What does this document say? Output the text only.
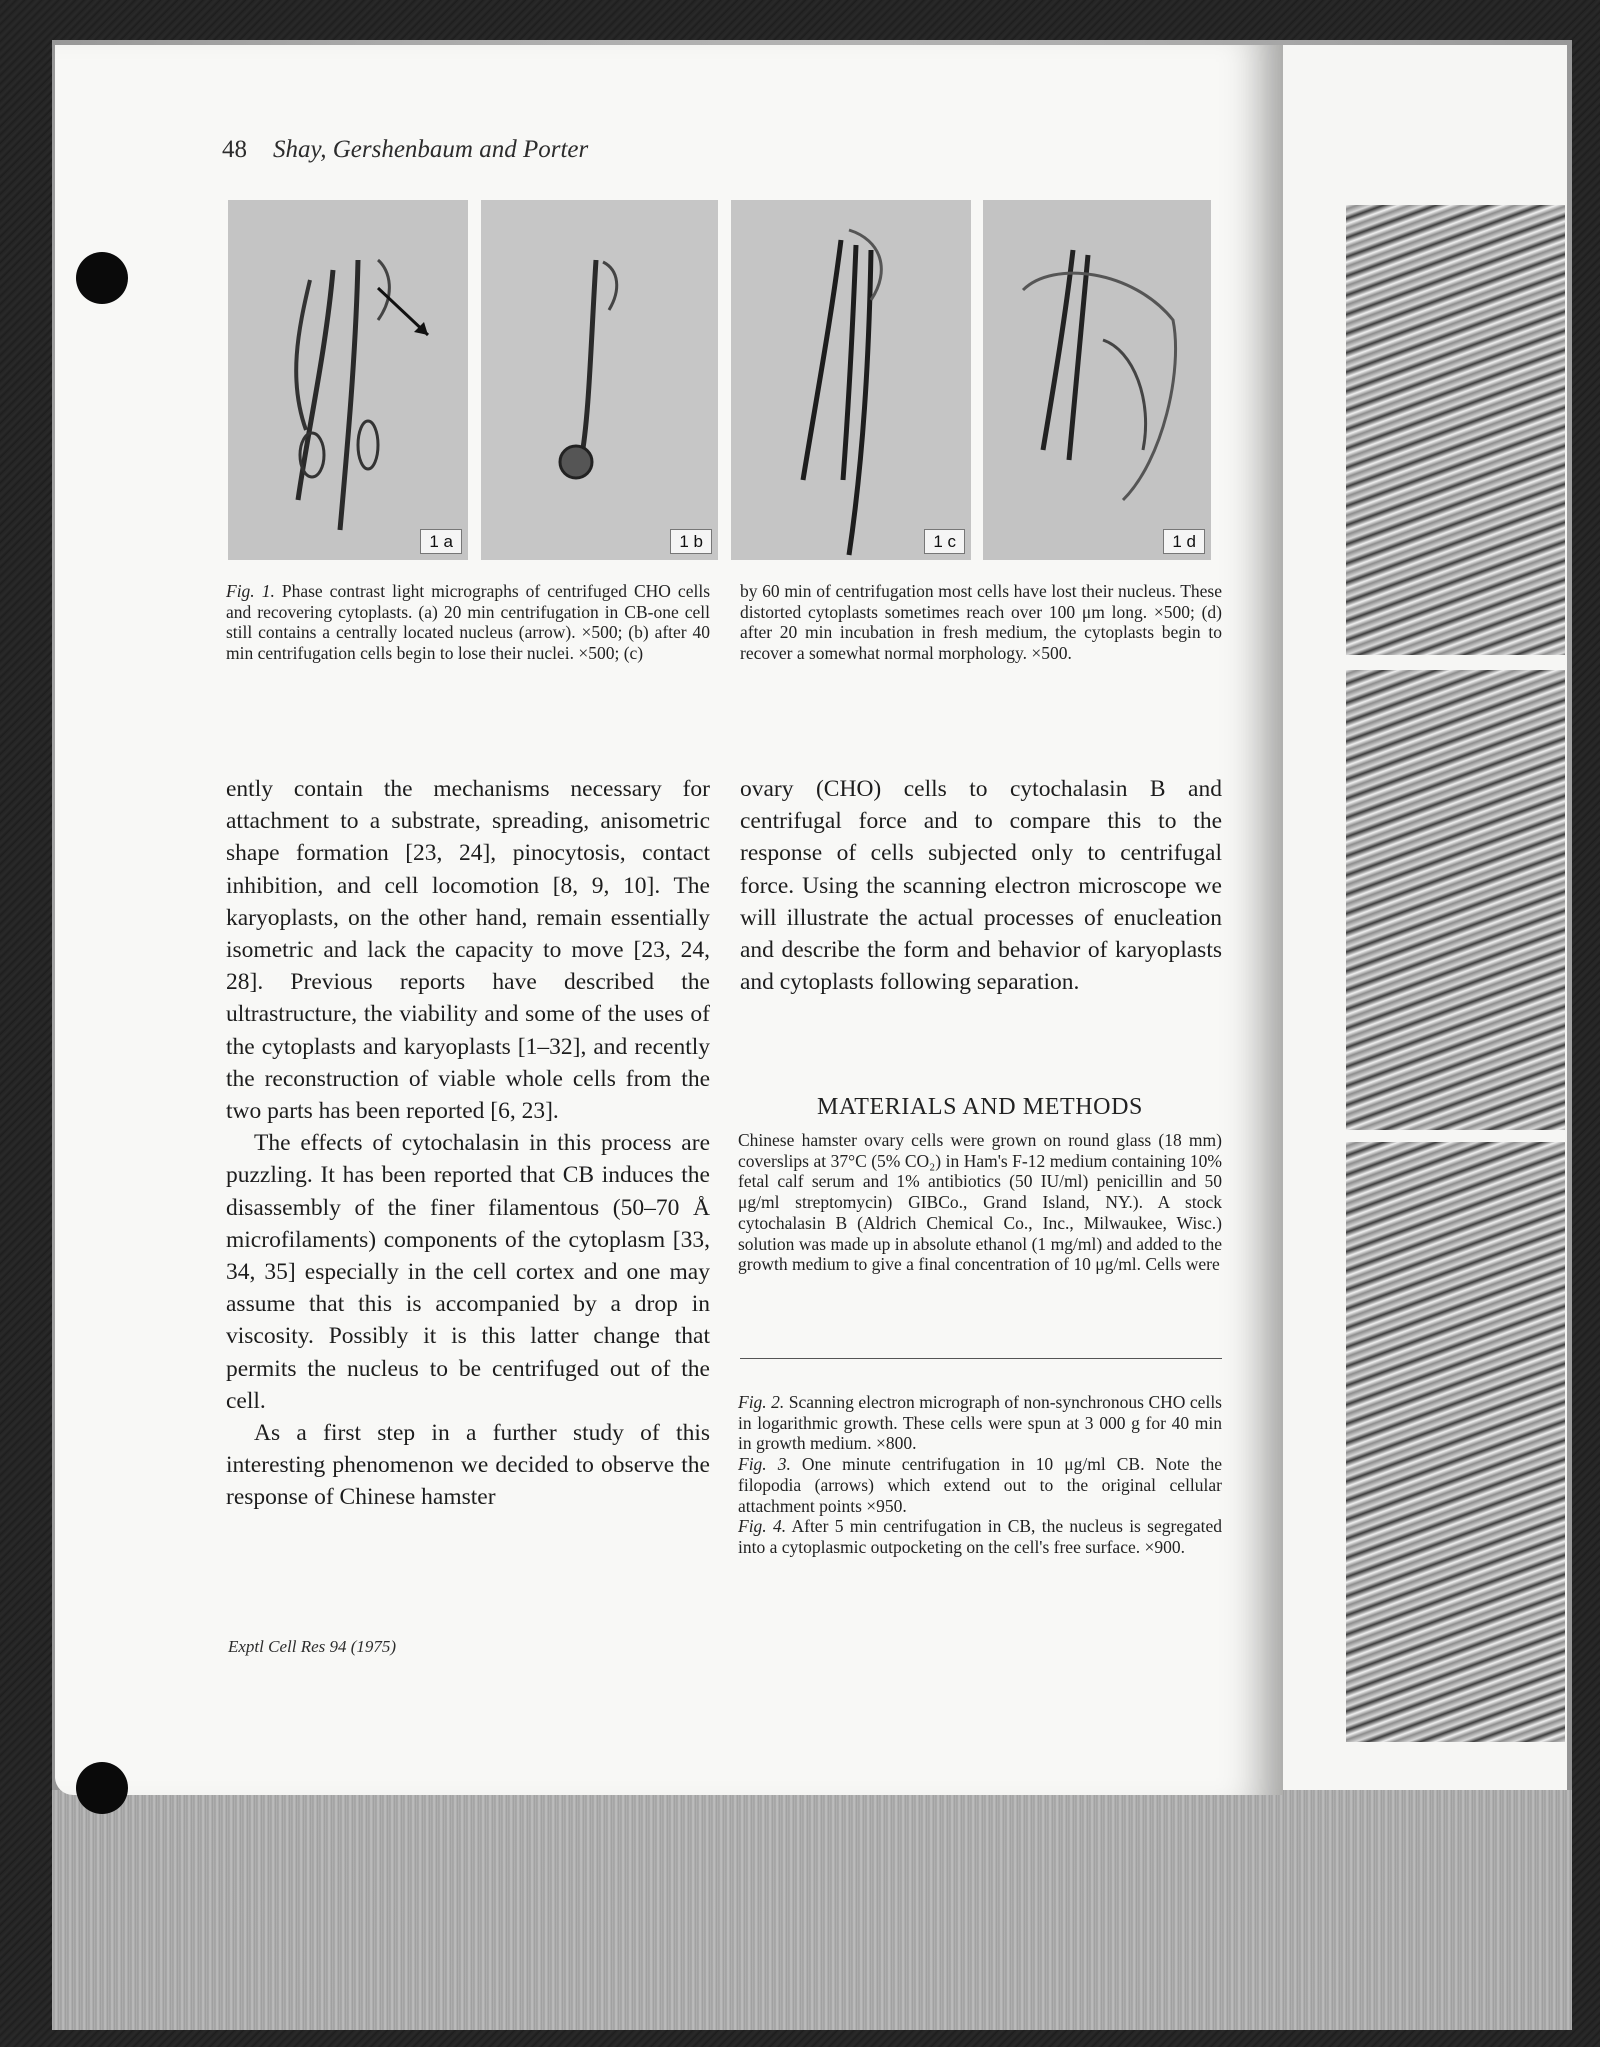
48 Shay, Gershenbaum and Porter
1 a	1 b	1 c	1 d
Fig. 1. Phase contrast light micrographs of centrifuged CHO cells and recovering cytoplasts. (a) 20 min centrifugation in CB-one cell still contains a centrally located nucleus (arrow). ×500; (b) after 40 min centrifugation cells begin to lose their nuclei. ×500; (c)
by 60 min of centrifugation most cells have lost their nucleus. These distorted cytoplasts sometimes reach over 100 μm long. ×500; (d) after 20 min incubation in fresh medium, the cytoplasts begin to recover a somewhat normal morphology. ×500.

ently contain the mechanisms necessary for attachment to a substrate, spreading, anisometric shape formation [23, 24], pinocytosis, contact inhibition, and cell locomotion [8, 9, 10]. The karyoplasts, on the other hand, remain essentially isometric and lack the capacity to move [23, 24, 28]. Previous reports have described the ultrastructure, the viability and some of the uses of the cytoplasts and karyoplasts [1–32], and recently the reconstruction of viable whole cells from the two parts has been reported [6, 23].

The effects of cytochalasin in this process are puzzling. It has been reported that CB induces the disassembly of the finer filamentous (50–70 Å microfilaments) components of the cytoplasm [33, 34, 35] especially in the cell cortex and one may assume that this is accompanied by a drop in viscosity. Possibly it is this latter change that permits the nucleus to be centrifuged out of the cell.

As a first step in a further study of this interesting phenomenon we decided to observe the response of Chinese hamster

ovary (CHO) cells to cytochalasin B and centrifugal force and to compare this to the response of cells subjected only to centrifugal force. Using the scanning electron microscope we will illustrate the actual processes of enucleation and describe the form and behavior of karyoplasts and cytoplasts following separation.

MATERIALS AND METHODS
Chinese hamster ovary cells were grown on round glass (18 mm) coverslips at 37°C (5% CO₂) in Ham's F-12 medium containing 10% fetal calf serum and 1% antibiotics (50 IU/ml) penicillin and 50 μg/ml streptomycin) GIBCo., Grand Island, NY.). A stock cytochalasin B (Aldrich Chemical Co., Inc., Milwaukee, Wisc.) solution was made up in absolute ethanol (1 mg/ml) and added to the growth medium to give a final concentration of 10 μg/ml. Cells were

Fig. 2. Scanning electron micrograph of non-synchronous CHO cells in logarithmic growth. These cells were spun at 3 000 g for 40 min in growth medium. ×800.

Fig. 3. One minute centrifugation in 10 μg/ml CB. Note the filopodia (arrows) which extend out to the original cellular attachment points ×950.

Fig. 4. After 5 min centrifugation in CB, the nucleus is segregated into a cytoplasmic outpocketing on the cell's free surface. ×900.

Exptl Cell Res 94 (1975)
